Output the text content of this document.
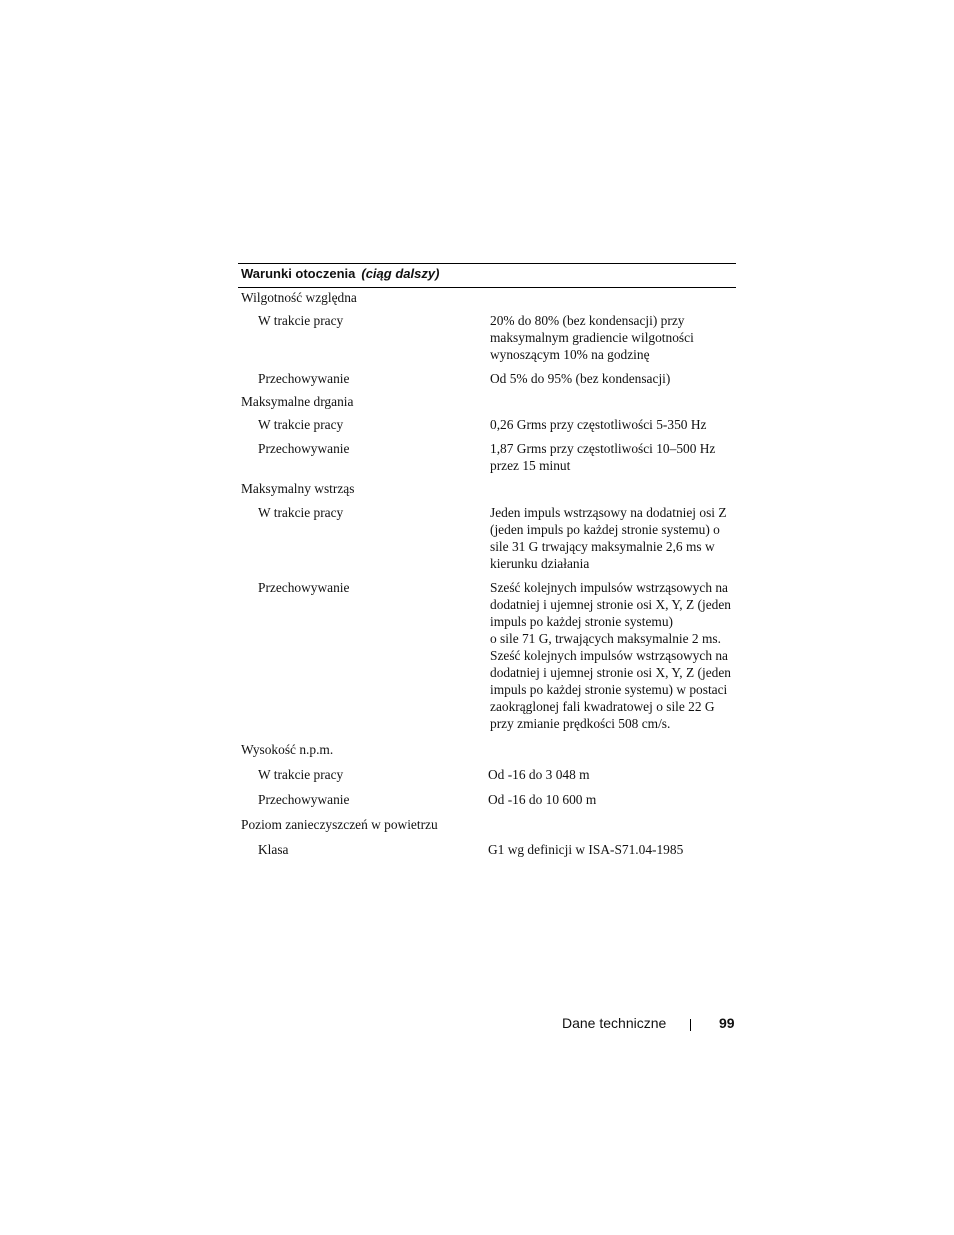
Warunki otoczenia (ciąg dalszy)
Wilgotność względna
W trakcie pracy	20% do 80% (bez kondensacji) przy maksymalnym gradiencie wilgotności wynoszącym 10% na godzinę
Przechowywanie	Od 5% do 95% (bez kondensacji)
Maksymalne drgania
W trakcie pracy	0,26 Grms przy częstotliwości 5-350 Hz
Przechowywanie	1,87 Grms przy częstotliwości 10–500 Hz przez 15 minut
Maksymalny wstrząs
W trakcie pracy	Jeden impuls wstrząsowy na dodatniej osi Z (jeden impuls po każdej stronie systemu) o sile 31 G trwający maksymalnie 2,6 ms w kierunku działania
Przechowywanie	Sześć kolejnych impulsów wstrząsowych na dodatniej i ujemnej stronie osi X, Y, Z (jeden impuls po każdej stronie systemu)
o sile 71 G, trwających maksymalnie 2 ms.
Sześć kolejnych impulsów wstrząsowych na dodatniej i ujemnej stronie osi X, Y, Z (jeden impuls po każdej stronie systemu) w postaci zaokrąglonej fali kwadratowej o sile 22 G przy zmianie prędkości 508 cm/s.
Wysokość n.p.m.
W trakcie pracy	Od -16 do 3 048 m
Przechowywanie	Od -16 do 10 600 m
Poziom zanieczyszczeń w powietrzu
Klasa	G1 wg definicji w ISA-S71.04-1985
Dane techniczne	99
